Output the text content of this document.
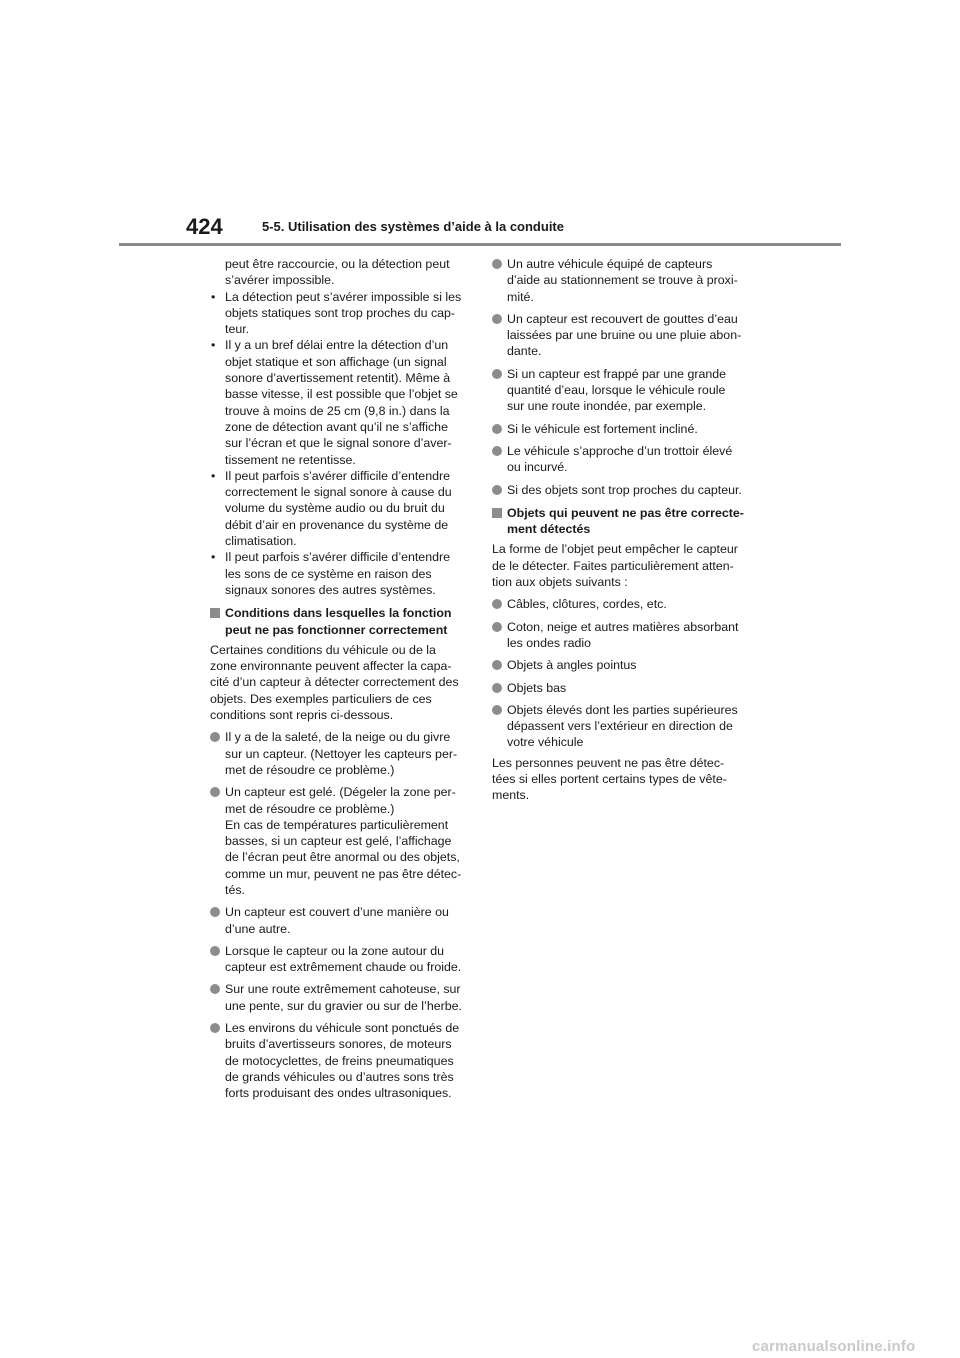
424	5-5. Utilisation des systèmes d’aide à la conduite
peut être raccourcie, ou la détection peut
s’avérer impossible.
• La détection peut s’avérer impossible si les
objets statiques sont trop proches du cap-
teur.
• Il y a un bref délai entre la détection d’un
objet statique et son affichage (un signal
sonore d’avertissement retentit). Même à
basse vitesse, il est possible que l’objet se
trouve à moins de 25 cm (9,8 in.) dans la
zone de détection avant qu’il ne s’affiche
sur l’écran et que le signal sonore d’aver-
tissement ne retentisse.
• Il peut parfois s’avérer difficile d’entendre
correctement le signal sonore à cause du
volume du système audio ou du bruit du
débit d’air en provenance du système de
climatisation.
• Il peut parfois s’avérer difficile d’entendre
les sons de ce système en raison des
signaux sonores des autres systèmes.
Conditions dans lesquelles la fonction
peut ne pas fonctionner correctement
Certaines conditions du véhicule ou de la
zone environnante peuvent affecter la capa-
cité d’un capteur à détecter correctement des
objets. Des exemples particuliers de ces
conditions sont repris ci-dessous.
Il y a de la saleté, de la neige ou du givre
sur un capteur. (Nettoyer les capteurs per-
met de résoudre ce problème.)
Un capteur est gelé. (Dégeler la zone per-
met de résoudre ce problème.)
En cas de températures particulièrement
basses, si un capteur est gelé, l’affichage
de l’écran peut être anormal ou des objets,
comme un mur, peuvent ne pas être détec-
tés.
Un capteur est couvert d’une manière ou
d’une autre.
Lorsque le capteur ou la zone autour du
capteur est extrêmement chaude ou froide.
Sur une route extrêmement cahoteuse, sur
une pente, sur du gravier ou sur de l’herbe.
Les environs du véhicule sont ponctués de
bruits d’avertisseurs sonores, de moteurs
de motocyclettes, de freins pneumatiques
de grands véhicules ou d’autres sons très
forts produisant des ondes ultrasoniques.
Un autre véhicule équipé de capteurs
d’aide au stationnement se trouve à proxi-
mité.
Un capteur est recouvert de gouttes d’eau
laissées par une bruine ou une pluie abon-
dante.
Si un capteur est frappé par une grande
quantité d’eau, lorsque le véhicule roule
sur une route inondée, par exemple.
Si le véhicule est fortement incliné.
Le véhicule s’approche d’un trottoir élevé
ou incurvé.
Si des objets sont trop proches du capteur.
Objets qui peuvent ne pas être correcte-
ment détectés
La forme de l’objet peut empêcher le capteur
de le détecter. Faites particulièrement atten-
tion aux objets suivants :
Câbles, clôtures, cordes, etc.
Coton, neige et autres matières absorbant
les ondes radio
Objets à angles pointus
Objets bas
Objets élevés dont les parties supérieures
dépassent vers l’extérieur en direction de
votre véhicule
Les personnes peuvent ne pas être détec-
tées si elles portent certains types de vête-
ments.
carmanualsonline.info
